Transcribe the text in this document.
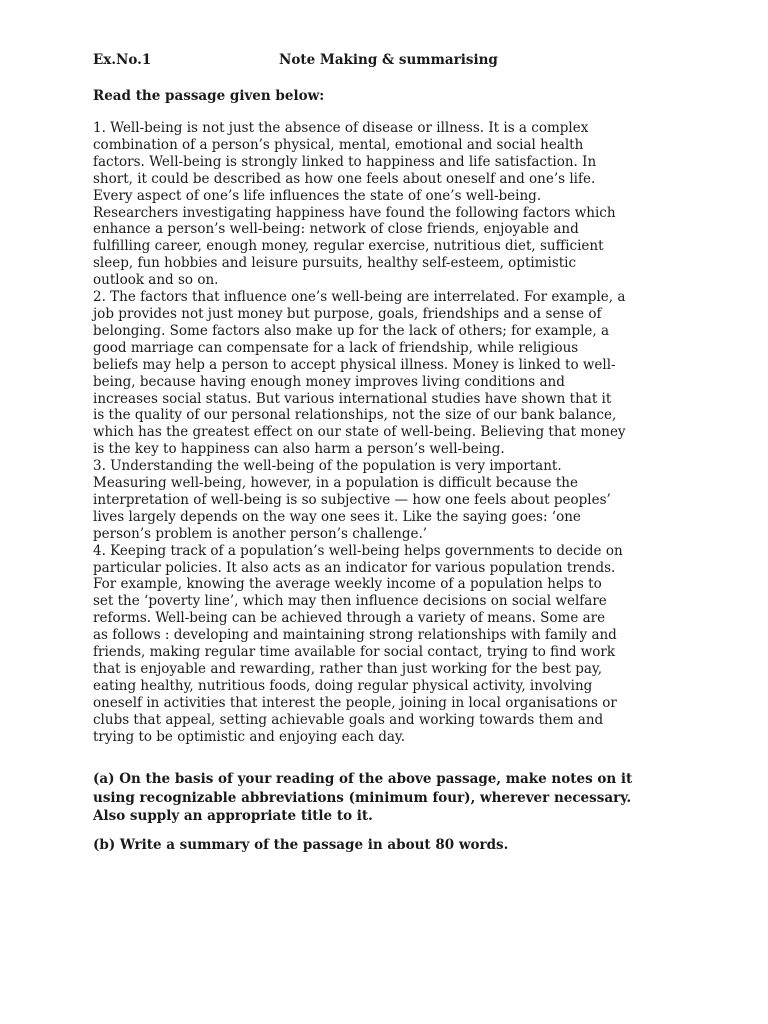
Ex.No.1	Note Making & summarising
Read the passage given below:

1. Well-being is not just the absence of disease or illness. It is a complex
combination of a person’s physical, mental, emotional and social health
factors. Well-being is strongly linked to happiness and life satisfaction. In
short, it could be described as how one feels about oneself and one’s life.
Every aspect of one’s life influences the state of one’s well-being.
Researchers investigating happiness have found the following factors which
enhance a person’s well-being: network of close friends, enjoyable and
fulfilling career, enough money, regular exercise, nutritious diet, sufficient
sleep, fun hobbies and leisure pursuits, healthy self-esteem, optimistic
outlook and so on.

2. The factors that influence one’s well-being are interrelated. For example, a
job provides not just money but purpose, goals, friendships and a sense of
belonging. Some factors also make up for the lack of others; for example, a
good marriage can compensate for a lack of friendship, while religious
beliefs may help a person to accept physical illness. Money is linked to well-
being, because having enough money improves living conditions and
increases social status. But various international studies have shown that it
is the quality of our personal relationships, not the size of our bank balance,
which has the greatest effect on our state of well-being. Believing that money
is the key to happiness can also harm a person’s well-being.

3. Understanding the well-being of the population is very important.
Measuring well-being, however, in a population is difficult because the
interpretation of well-being is so subjective — how one feels about peoples’
lives largely depends on the way one sees it. Like the saying goes: ‘one
person’s problem is another person’s challenge.’

4. Keeping track of a population’s well-being helps governments to decide on
particular policies. It also acts as an indicator for various population trends.
For example, knowing the average weekly income of a population helps to
set the ‘poverty line’, which may then influence decisions on social welfare
reforms. Well-being can be achieved through a variety of means. Some are
as follows : developing and maintaining strong relationships with family and
friends, making regular time available for social contact, trying to find work
that is enjoyable and rewarding, rather than just working for the best pay,
eating healthy, nutritious foods, doing regular physical activity, involving
oneself in activities that interest the people, joining in local organisations or
clubs that appeal, setting achievable goals and working towards them and
trying to be optimistic and enjoying each day.

(a) On the basis of your reading of the above passage, make notes on it
using recognizable abbreviations (minimum four), wherever necessary.
Also supply an appropriate title to it.

(b) Write a summary of the passage in about 80 words.
